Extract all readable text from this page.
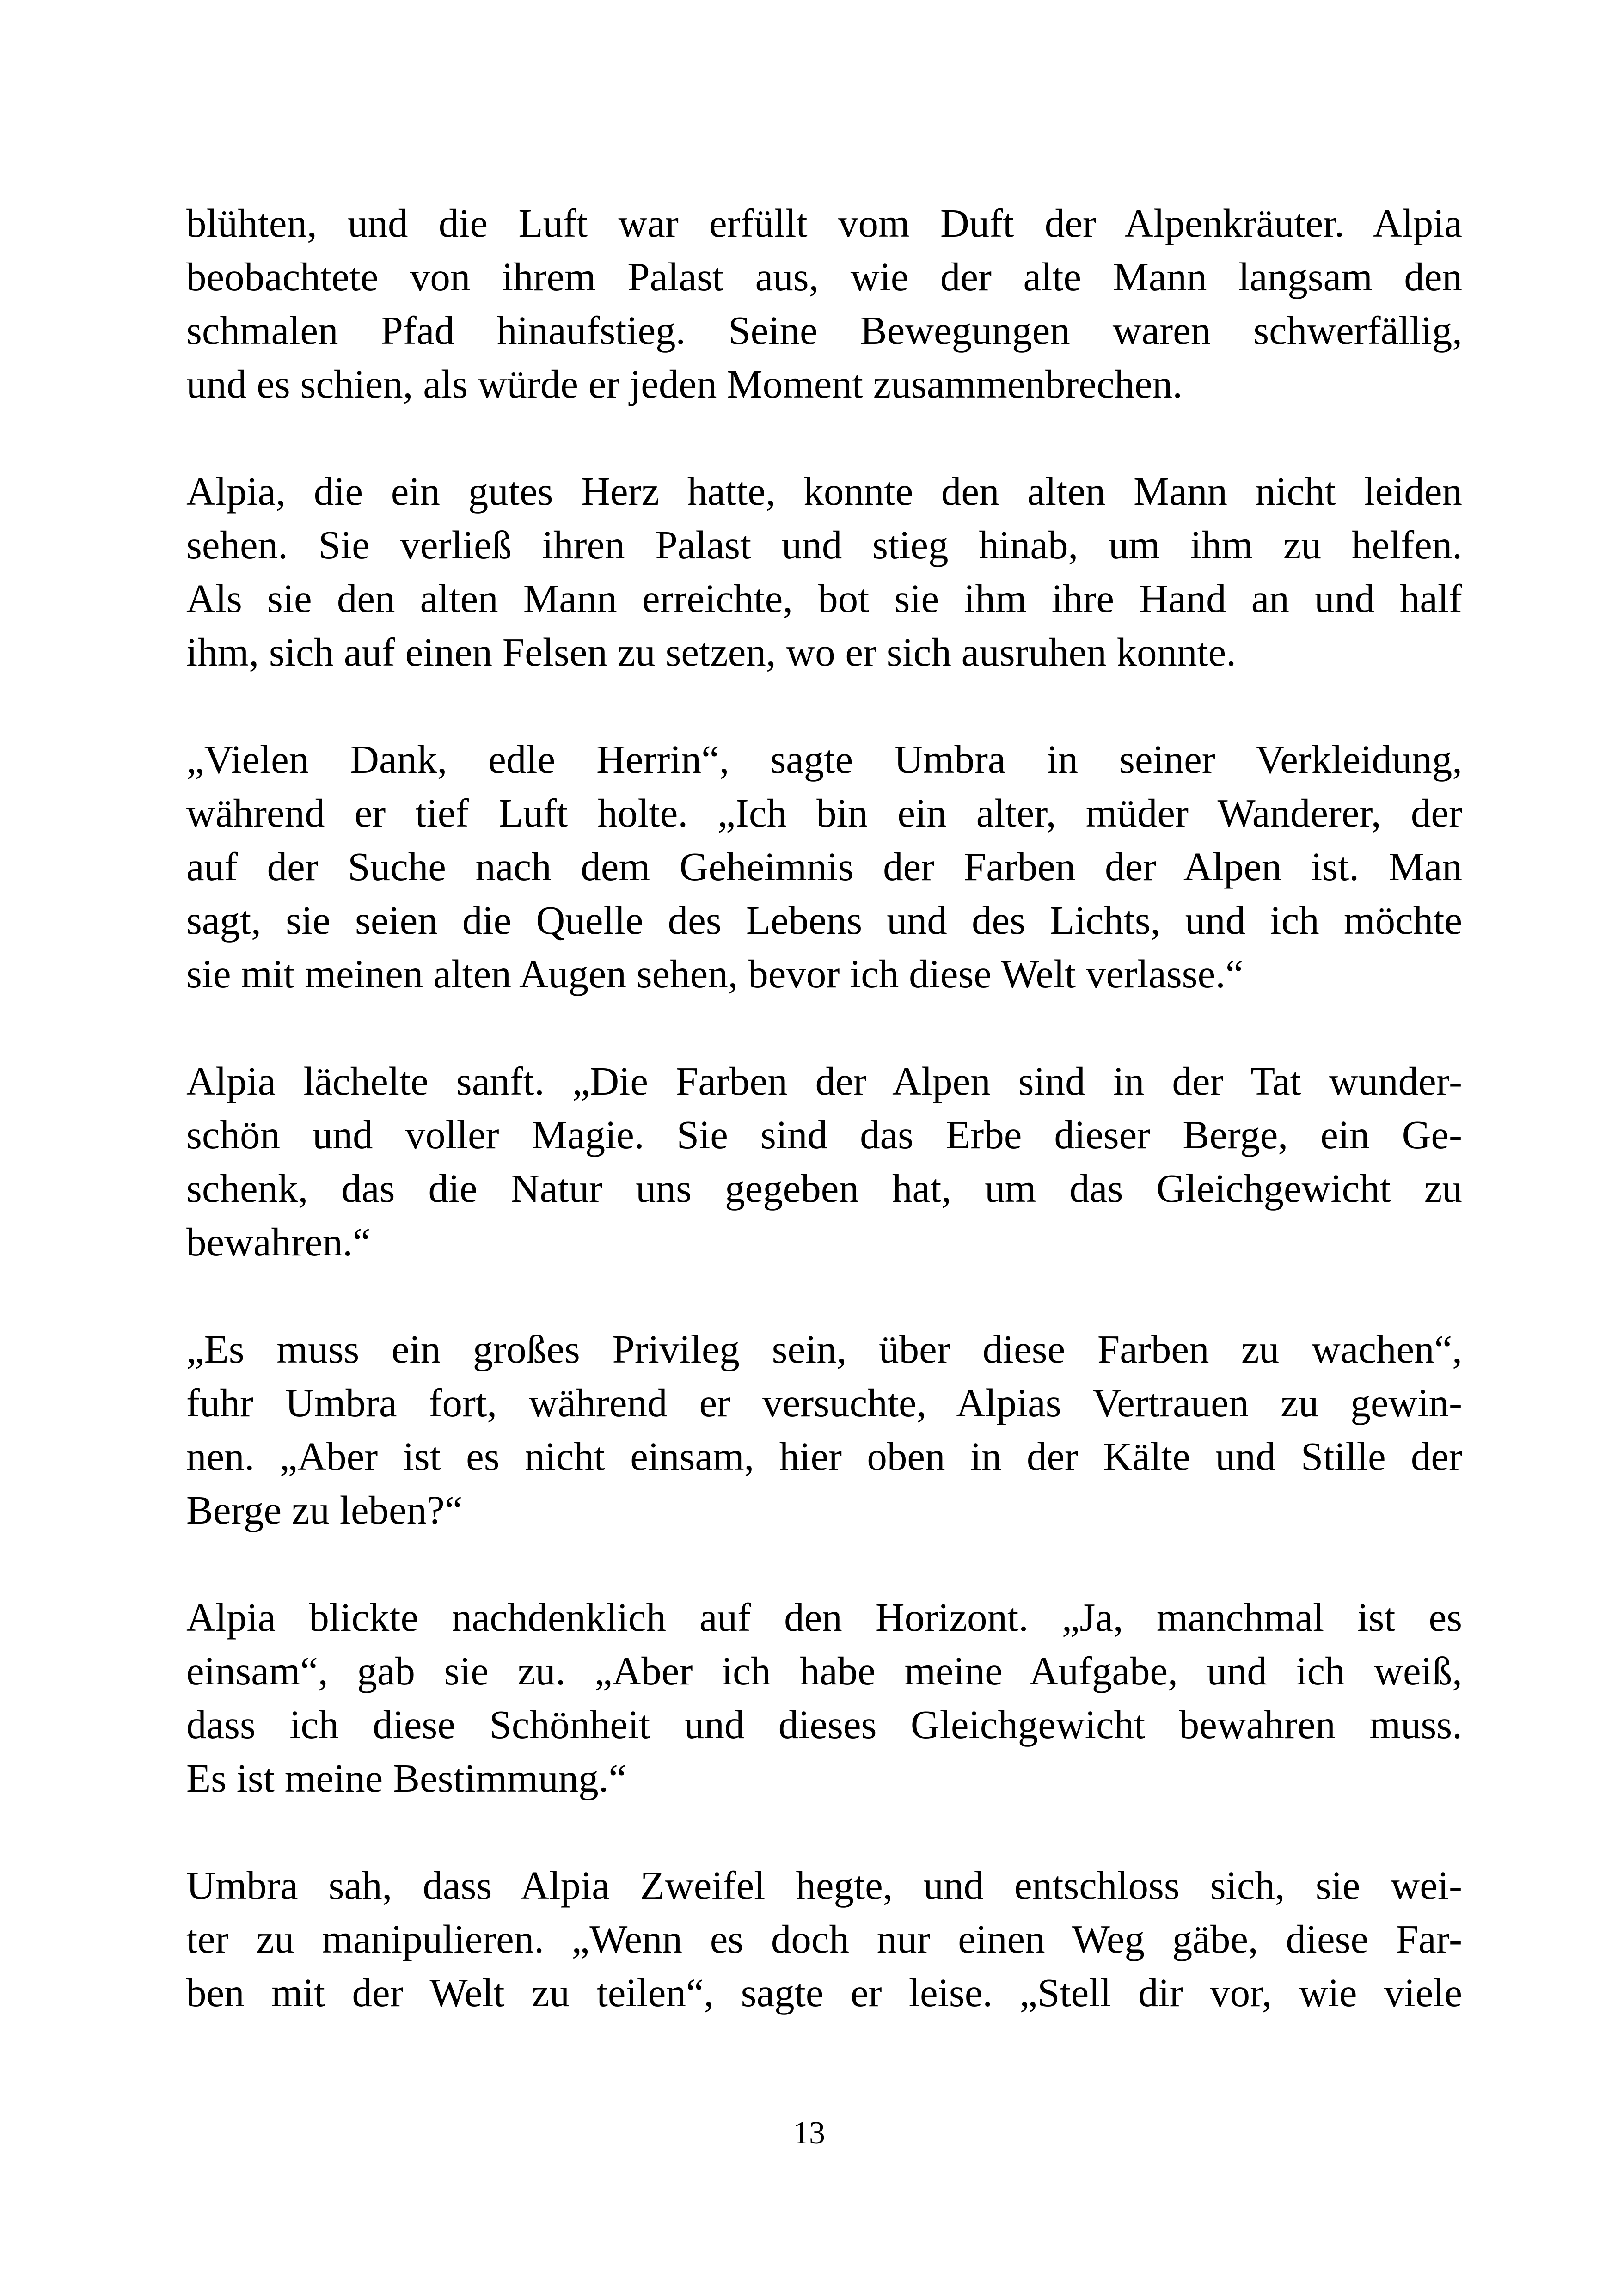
blühten, und die Luft war erfüllt vom Duft der Alpenkräuter. Alpia
beobachtete von ihrem Palast aus, wie der alte Mann langsam den
schmalen Pfad hinaufstieg. Seine Bewegungen waren schwerfällig,
und es schien, als würde er jeden Moment zusammenbrechen.

Alpia, die ein gutes Herz hatte, konnte den alten Mann nicht leiden
sehen. Sie verließ ihren Palast und stieg hinab, um ihm zu helfen.
Als sie den alten Mann erreichte, bot sie ihm ihre Hand an und half
ihm, sich auf einen Felsen zu setzen, wo er sich ausruhen konnte.

„Vielen Dank, edle Herrin“, sagte Umbra in seiner Verkleidung,
während er tief Luft holte. „Ich bin ein alter, müder Wanderer, der
auf der Suche nach dem Geheimnis der Farben der Alpen ist. Man
sagt, sie seien die Quelle des Lebens und des Lichts, und ich möchte
sie mit meinen alten Augen sehen, bevor ich diese Welt verlasse.“

Alpia lächelte sanft. „Die Farben der Alpen sind in der Tat wunder-
schön und voller Magie. Sie sind das Erbe dieser Berge, ein Ge-
schenk, das die Natur uns gegeben hat, um das Gleichgewicht zu
bewahren.“

„Es muss ein großes Privileg sein, über diese Farben zu wachen“,
fuhr Umbra fort, während er versuchte, Alpias Vertrauen zu gewin-
nen. „Aber ist es nicht einsam, hier oben in der Kälte und Stille der
Berge zu leben?“

Alpia blickte nachdenklich auf den Horizont. „Ja, manchmal ist es
einsam“, gab sie zu. „Aber ich habe meine Aufgabe, und ich weiß,
dass ich diese Schönheit und dieses Gleichgewicht bewahren muss.
Es ist meine Bestimmung.“

Umbra sah, dass Alpia Zweifel hegte, und entschloss sich, sie wei-
ter zu manipulieren. „Wenn es doch nur einen Weg gäbe, diese Far-
ben mit der Welt zu teilen“, sagte er leise. „Stell dir vor, wie viele

13
